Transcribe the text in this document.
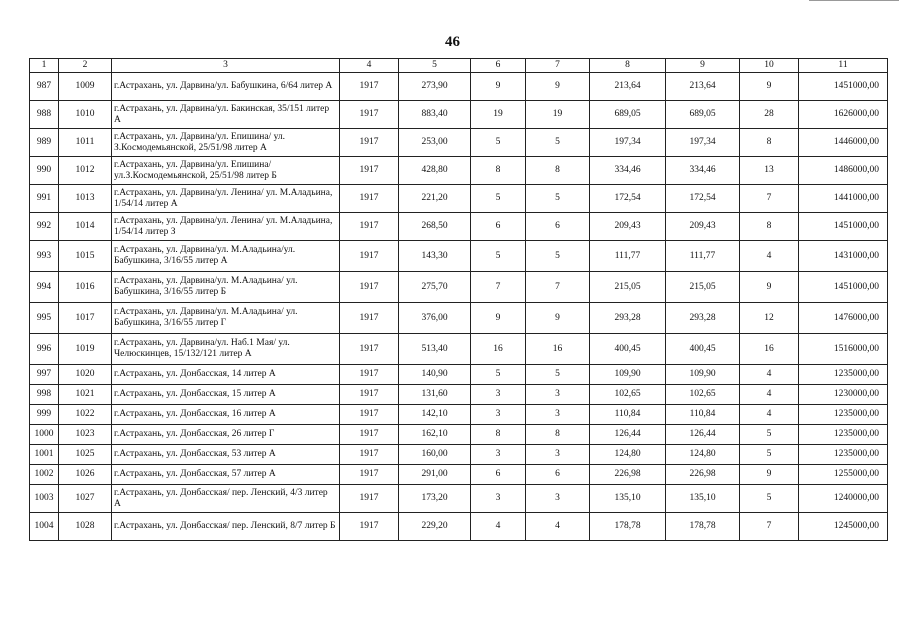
46
1	2	3	4	5	6	7	8	9	10	11
987	1009	г.Астрахань, ул. Дарвина/ул. Бабушкина, 6/64 литер А	1917	273,90	9	9	213,64	213,64	9	1451000,00
988	1010	г.Астрахань, ул. Дарвина/ул. Бакинская, 35/151 литер А	1917	883,40	19	19	689,05	689,05	28	1626000,00
989	1011	г.Астрахань, ул. Дарвина/ул. Епишина/ ул. З.Космодемьянской, 25/51/98 литер А	1917	253,00	5	5	197,34	197,34	8	1446000,00
990	1012	г.Астрахань, ул. Дарвина/ул. Епишина/ ул.З.Космодемьянской, 25/51/98 литер Б	1917	428,80	8	8	334,46	334,46	13	1486000,00
991	1013	г.Астрахань, ул. Дарвина/ул. Ленина/ ул. М.Аладьина, 1/54/14 литер А	1917	221,20	5	5	172,54	172,54	7	1441000,00
992	1014	г.Астрахань, ул. Дарвина/ул. Ленина/ ул. М.Аладьина, 1/54/14 литер З	1917	268,50	6	6	209,43	209,43	8	1451000,00
993	1015	г.Астрахань, ул. Дарвина/ул. М.Аладьина/ул. Бабушкина, 3/16/55 литер А	1917	143,30	5	5	111,77	111,77	4	1431000,00
994	1016	г.Астрахань, ул. Дарвина/ул. М.Аладьина/ ул. Бабушкина, 3/16/55 литер Б	1917	275,70	7	7	215,05	215,05	9	1451000,00
995	1017	г.Астрахань, ул. Дарвина/ул. М.Аладьина/ ул. Бабушкина, 3/16/55 литер Г	1917	376,00	9	9	293,28	293,28	12	1476000,00
996	1019	г.Астрахань, ул. Дарвина/ул. Наб.1 Мая/ ул. Челюскинцев, 15/132/121 литер А	1917	513,40	16	16	400,45	400,45	16	1516000,00
997	1020	г.Астрахань, ул. Донбасская, 14 литер А	1917	140,90	5	5	109,90	109,90	4	1235000,00
998	1021	г.Астрахань, ул. Донбасская, 15 литер А	1917	131,60	3	3	102,65	102,65	4	1230000,00
999	1022	г.Астрахань, ул. Донбасская, 16 литер А	1917	142,10	3	3	110,84	110,84	4	1235000,00
1000	1023	г.Астрахань, ул. Донбасская, 26 литер Г	1917	162,10	8	8	126,44	126,44	5	1235000,00
1001	1025	г.Астрахань, ул. Донбасская, 53 литер А	1917	160,00	3	3	124,80	124,80	5	1235000,00
1002	1026	г.Астрахань, ул. Донбасская, 57 литер А	1917	291,00	6	6	226,98	226,98	9	1255000,00
1003	1027	г.Астрахань, ул. Донбасская/ пер. Ленский, 4/3 литер А	1917	173,20	3	3	135,10	135,10	5	1240000,00
1004	1028	г.Астрахань, ул. Донбасская/ пер. Ленский, 8/7 литер Б	1917	229,20	4	4	178,78	178,78	7	1245000,00
